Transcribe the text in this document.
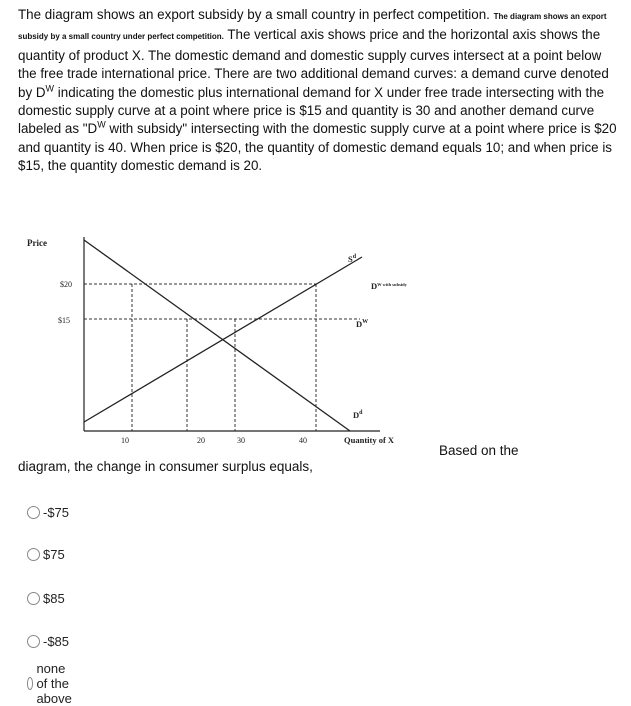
The diagram shows an export subsidy by a small country in perfect competition. The diagram shows an export subsidy by a small country under perfect competition. The vertical axis shows price and the horizontal axis shows the quantity of product X. The domestic demand and domestic supply curves intersect at a point below the free trade international price. There are two additional demand curves: a demand curve denoted by $D^W$ indicating the domestic plus international demand for X under free trade intersecting with the domestic supply curve at a point where price is $15 and quantity is 30 and another demand curve labeled as "$D^W$ with subsidy" intersecting with the domestic supply curve at a point where price is $20 and quantity is 40. When price is $20, the quantity of domestic demand equals 10; and when price is $15, the quantity domestic demand is 20.
$20
$15
10	20	30	40
Price
Quantity of X
$S^d$
$D^{W with subsidy}$
$D^W$
$D^d$
Based on the
diagram, the change in consumer surplus equals,
-$75
$75
$85
-$85
none of the above
